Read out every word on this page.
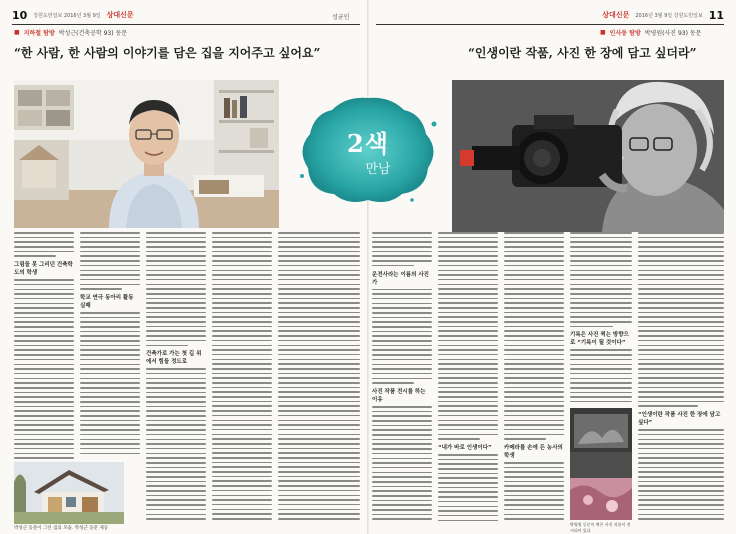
10 강원도민일보 2016년 3월 9일 상대신문	성균인
■ 지하철 탐방 박성근(건축공학 93) 동문
“한 사람, 한 사람의 이야기를 담은 집을 지어주고 싶어요”
그림들 못 그리던 건축학도의 학생
학교 연극 동아리 활동 실패
건축가로 가는 첫 길 위에서 힘들 정도로
박성근 동문이 그린 집의 모습. 박성근 동문 제공
2색
만남
상대신문 2016년 3월 9일 강원도민일보 11
■ 인사동 탐방 박영원(사진 93) 동문
“인생이란 작품, 사진 한 장에 담고 싶더라”
운전사라는 이름의 사진가
사진 작품 전시를 하는 이유
“내가 바로 인생이다”	카메라를 손에 든 농사의 학생
기록은 사진 찍는 방향으로 “기록이 될 것이다”
박영원 동문이 찍은 사진 작품이 전시되어 있다
“인생이란 작품 사진 한 장에 담고 싶다”
